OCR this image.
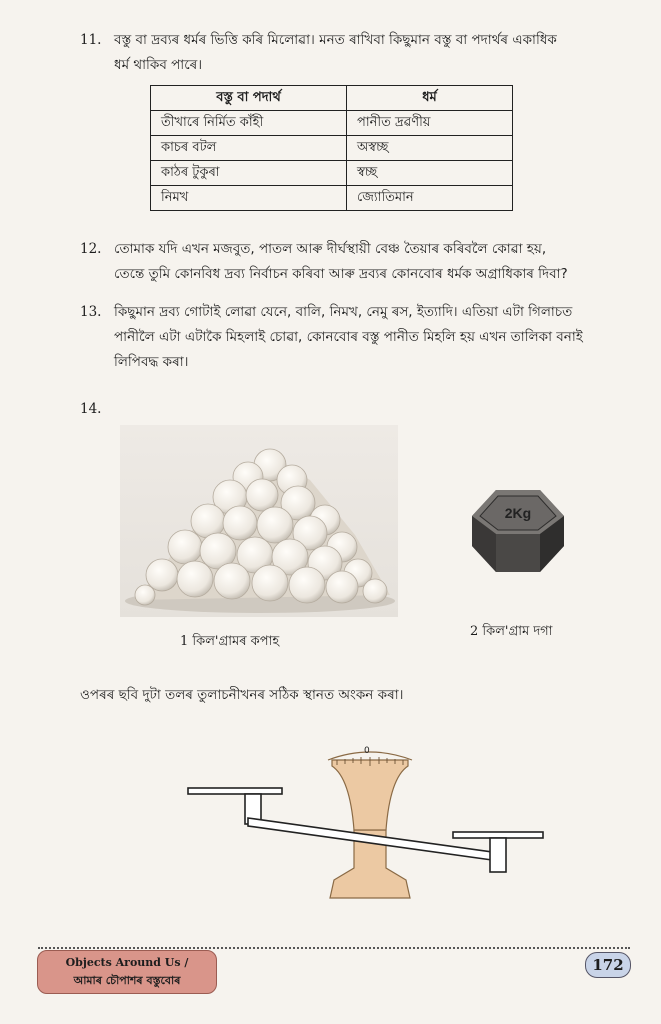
11. বস্তু বা দ্ৰব্যৰ ধৰ্মৰ ভিত্তি কৰি মিলোৱা। মনত ৰাখিবা কিছুমান বস্তু বা পদাৰ্থৰ একাধিক
ধৰ্ম থাকিব পাৰে।
বস্তু বা পদাৰ্থ	ধৰ্ম
তীখাৰে নিৰ্মিত কাঁহী	পানীত দ্ৰৱণীয়
কাচৰ বটল	অস্বচ্ছ
কাঠৰ টুকুৰা	স্বচ্ছ
নিমখ	জ্যোতিমান
12. তোমাক যদি এখন মজবুত, পাতল আৰু দীৰ্ঘস্থায়ী বেঞ্চ তৈয়াৰ কৰিবলৈ কোৱা হয়,
তেন্তে তুমি কোনবিধ দ্ৰব্য নিৰ্বাচন কৰিবা আৰু দ্ৰব্যৰ কোনবোৰ ধৰ্মক অগ্ৰাধিকাৰ দিবা?
13. কিছুমান দ্ৰব্য গোটাই লোৱা যেনে, বালি, নিমখ, নেমু ৰস, ইত্যাদি। এতিয়া এটা গিলাচত
পানীলৈ এটা এটাকৈ মিহলাই চোৱা, কোনবোৰ বস্তু পানীত মিহলি হয় এখন তালিকা বনাই
লিপিবদ্ধ কৰা।
14.
2Kg
1 কিল'গ্ৰামৰ কপাহ
2 কিল'গ্ৰাম দগা
ওপৰৰ ছবি দুটা তলৰ তুলাচনীখনৰ সঠিক স্থানত অংকন কৰা।
0
Objects Around Us /
আমাৰ চৌপাশৰ বস্তুবোৰ
172
